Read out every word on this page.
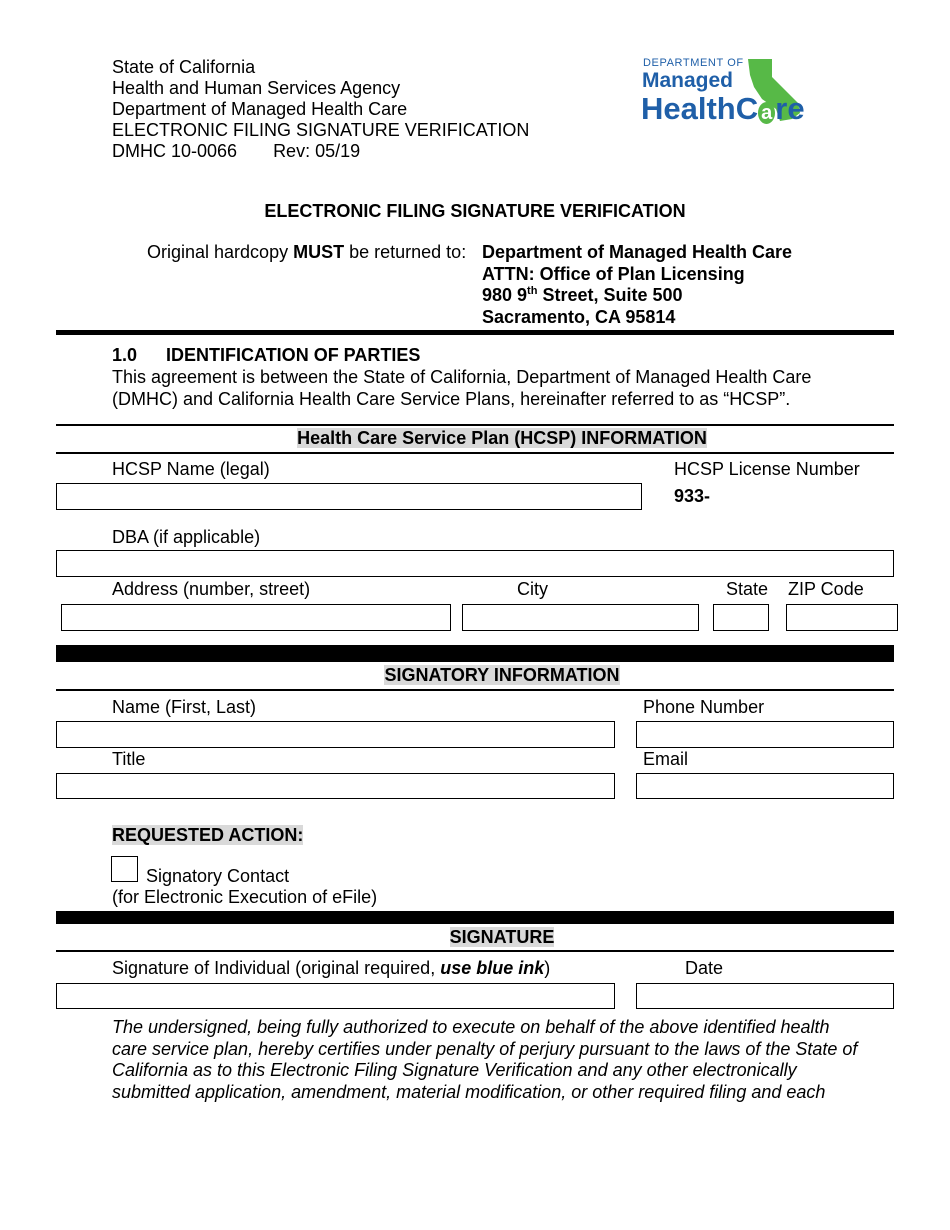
State of California
Health and Human Services Agency
Department of Managed Health Care
ELECTRONIC FILING SIGNATURE VERIFICATION
DMHC 10-0066 Rev: 05/19
DEPARTMENT OF
Managed
HealthC are
ELECTRONIC FILING SIGNATURE VERIFICATION
Original hardcopy MUST be returned to: Department of Managed Health Care
ATTN: Office of Plan Licensing
980 9th Street, Suite 500
Sacramento, CA 95814
1.0 IDENTIFICATION OF PARTIES
This agreement is between the State of California, Department of Managed Health Care
(DMHC) and California Health Care Service Plans, hereinafter referred to as “HCSP”.
Health Care Service Plan (HCSP) INFORMATION
HCSP Name (legal)	HCSP License Number
933-
DBA (if applicable)
Address (number, street)	City	State ZIP Code
SIGNATORY INFORMATION
Name (First, Last)	Phone Number
Title	Email
REQUESTED ACTION:
Signatory Contact
(for Electronic Execution of eFile)
SIGNATURE
Signature of Individual (original required, use blue ink)	Date
The undersigned, being fully authorized to execute on behalf of the above identified health
care service plan, hereby certifies under penalty of perjury pursuant to the laws of the State of
California as to this Electronic Filing Signature Verification and any other electronically
submitted application, amendment, material modification, or other required filing and each
